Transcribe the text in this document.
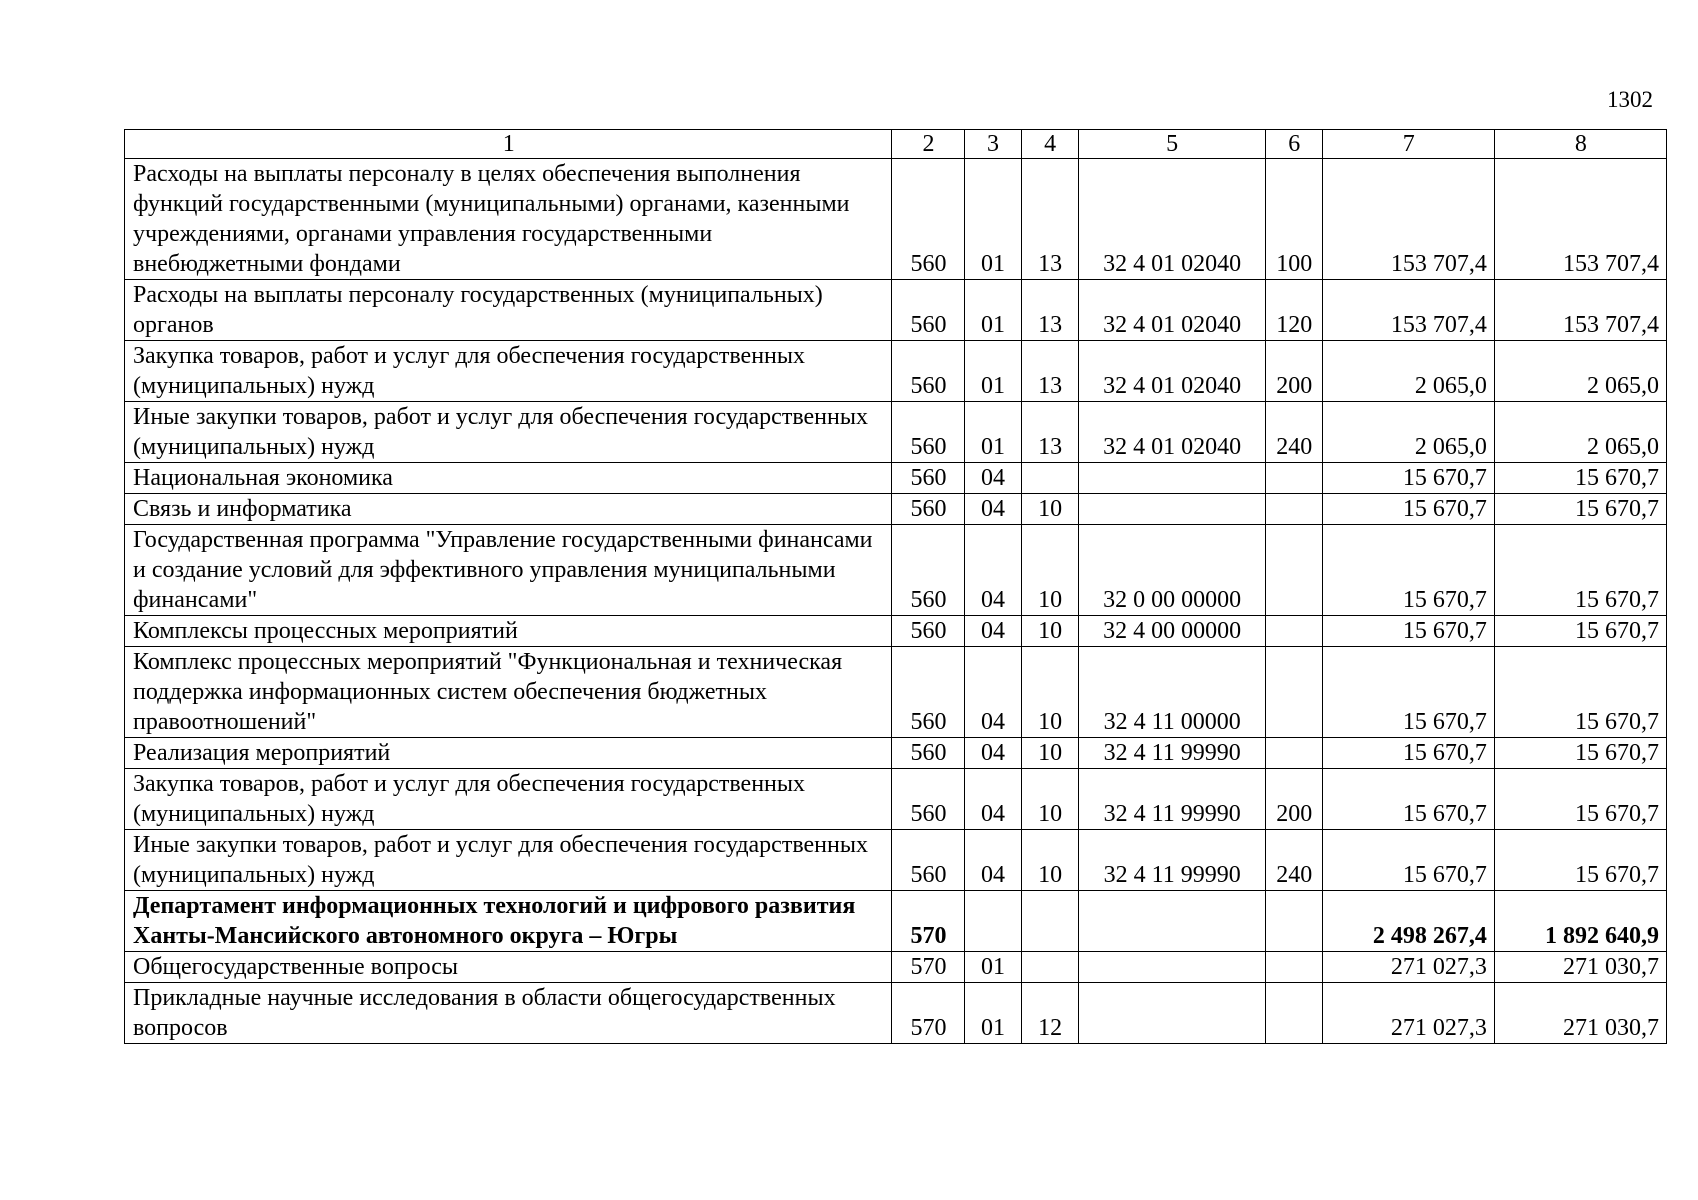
1302
1	2	3	4	5	6	7	8
Расходы на выплаты персоналу в целях обеспечения выполнения функций государственными (муниципальными) органами, казенными учреждениями, органами управления государственными внебюджетными фондами	560	01	13	32 4 01 02040	100	153 707,4	153 707,4
Расходы на выплаты персоналу государственных (муниципальных) органов	560	01	13	32 4 01 02040	120	153 707,4	153 707,4
Закупка товаров, работ и услуг для обеспечения государственных (муниципальных) нужд	560	01	13	32 4 01 02040	200	2 065,0	2 065,0
Иные закупки товаров, работ и услуг для обеспечения государственных (муниципальных) нужд	560	01	13	32 4 01 02040	240	2 065,0	2 065,0
Национальная экономика	560	04				15 670,7	15 670,7
Связь и информатика	560	04	10			15 670,7	15 670,7
Государственная программа "Управление государственными финансами и создание условий для эффективного управления муниципальными финансами"	560	04	10	32 0 00 00000		15 670,7	15 670,7
Комплексы процессных мероприятий	560	04	10	32 4 00 00000		15 670,7	15 670,7
Комплекс процессных мероприятий "Функциональная и техническая поддержка информационных систем обеспечения бюджетных правоотношений"	560	04	10	32 4 11 00000		15 670,7	15 670,7
Реализация мероприятий	560	04	10	32 4 11 99990		15 670,7	15 670,7
Закупка товаров, работ и услуг для обеспечения государственных (муниципальных) нужд	560	04	10	32 4 11 99990	200	15 670,7	15 670,7
Иные закупки товаров, работ и услуг для обеспечения государственных (муниципальных) нужд	560	04	10	32 4 11 99990	240	15 670,7	15 670,7
Департамент информационных технологий и цифрового развития Ханты-Мансийского автономного округа – Югры	570					2 498 267,4	1 892 640,9
Общегосударственные вопросы	570	01				271 027,3	271 030,7
Прикладные научные исследования в области общегосударственных вопросов	570	01	12			271 027,3	271 030,7
